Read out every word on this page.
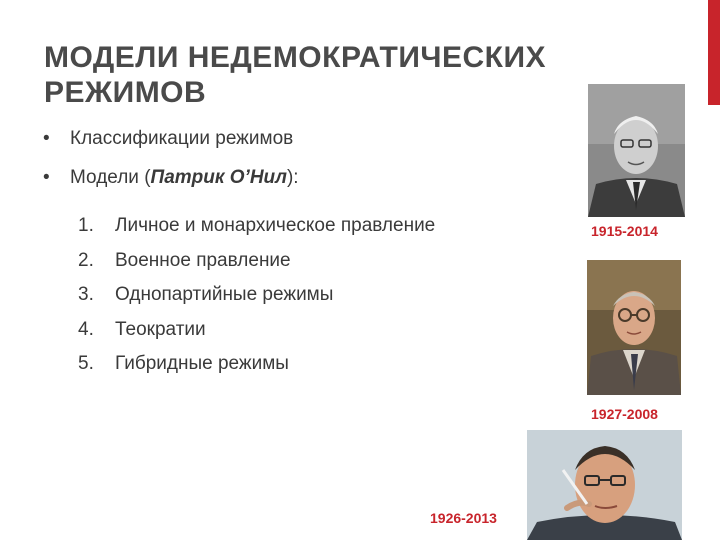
МОДЕЛИ НЕДЕМОКРАТИЧЕСКИХ
РЕЖИМОВ
• Классификации режимов
• Модели (Патрик О’Нил):
1. Личное и монархическое правление
2. Военное правление
3. Однопартийные режимы
4. Теократии
5. Гибридные режимы
1915-2014
1927-2008
1926-2013
